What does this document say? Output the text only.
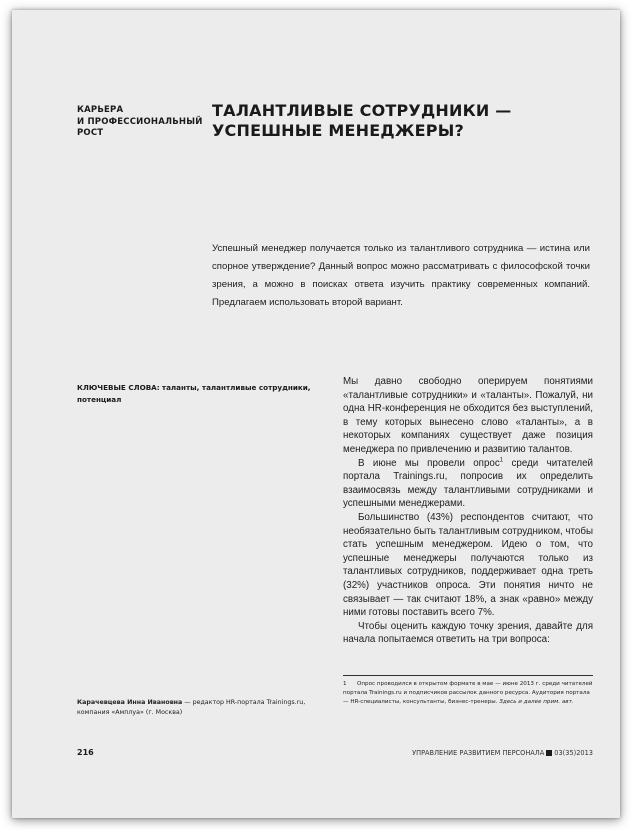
КАРЬЕРА
И ПРОФЕССИОНАЛЬНЫЙ
РОСТ
ТАЛАНТЛИВЫЕ СОТРУДНИКИ —
УСПЕШНЫЕ МЕНЕДЖЕРЫ?
Успешный менеджер получается только из талантливого сотрудника — истина или спорное утверждение? Данный вопрос можно рассматривать с философской точки зрения, а можно в поисках ответа изучить практику современных компаний. Предлагаем использовать второй вариант.
КЛЮЧЕВЫЕ СЛОВА: таланты, талантливые сотрудники, потенциал

Мы давно свободно оперируем понятиями «талантливые сотрудники» и «таланты». Пожалуй, ни одна HR-конференция не обходится без выступлений, в тему которых вынесено слово «таланты», а в некоторых компаниях существует даже позиция менеджера по привлечению и развитию талантов.

В июне мы провели опрос$^1$ среди читателей портала Trainings.ru, попросив их определить взаимосвязь между талантливыми сотрудниками и успешными менеджерами.

Большинство (43%) респондентов считают, что необязательно быть талантливым сотрудником, чтобы стать успешным менеджером. Идею о том, что успешные менеджеры получаются только из талантливых сотрудников, поддерживает одна треть (32%) участников опроса. Эти понятия ничто не связывает — так считают 18%, а знак «равно» между ними готовы поставить всего 7%.

Чтобы оценить каждую точку зрения, давайте для начала попытаемся ответить на три вопроса:

1 Опрос проводился в открытом формате в мае — июне 2013 г. среди читателей портала Trainings.ru и подписчиков рассылок данного ресурса. Аудитория портала — HR-специалисты, консультанты, бизнес-тренеры. Здесь и далее прим. авт.
Карачевцева Инна Ивановна — редактор HR-портала Trainings.ru, компания «Амплуа» (г. Москва)
216	УПРАВЛЕНИЕ РАЗВИТИЕМ ПЕРСОНАЛА 03(35)2013
